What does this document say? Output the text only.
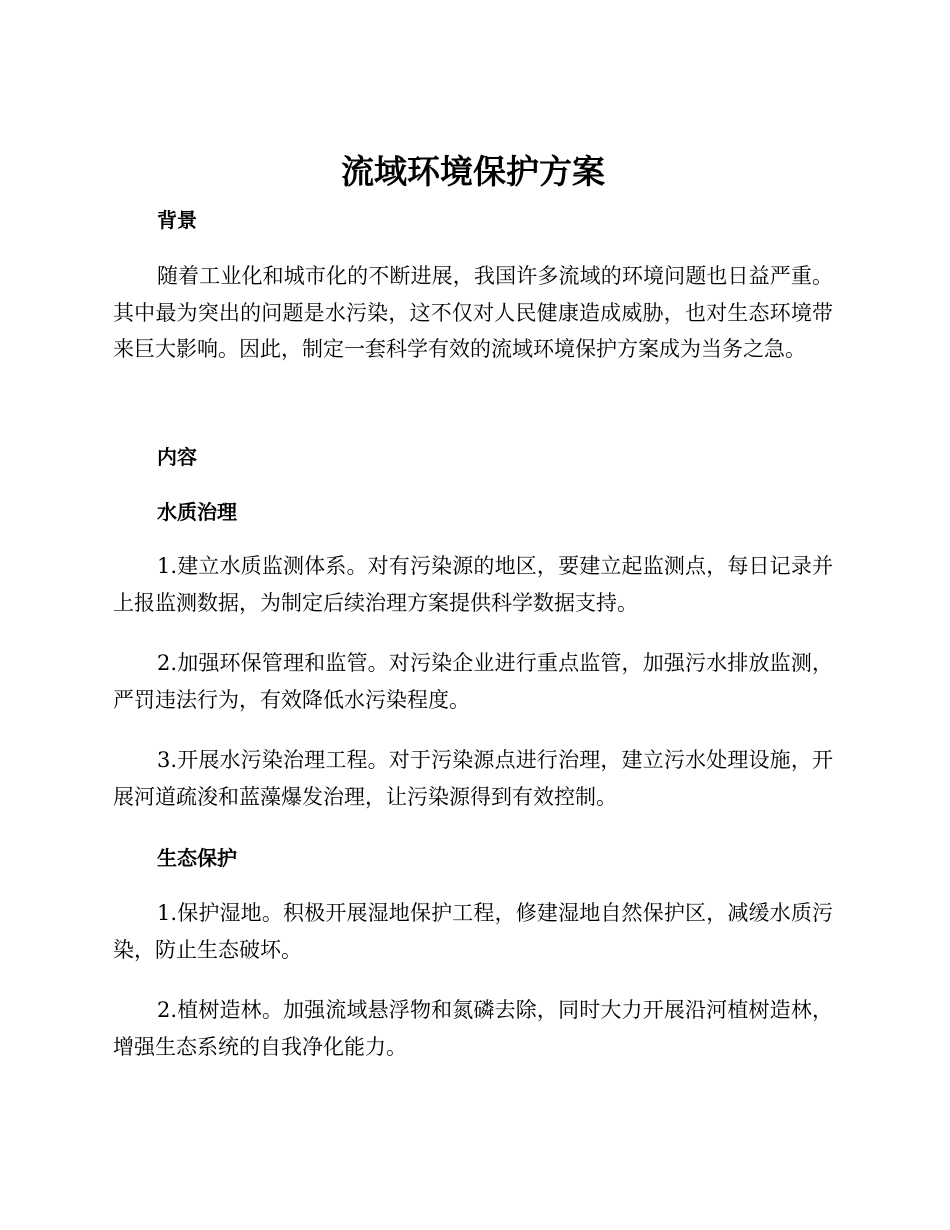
流域环境保护方案
背景

随着工业化和城市化的不断进展，我国许多流域的环境问题也日益严重。其中最为突出的问题是水污染，这不仅对人民健康造成威胁，也对生态环境带来巨大影响。因此，制定一套科学有效的流域环境保护方案成为当务之急。

内容
水质治理

1.建立水质监测体系。对有污染源的地区，要建立起监测点，每日记录并上报监测数据，为制定后续治理方案提供科学数据支持。

2.加强环保管理和监管。对污染企业进行重点监管，加强污水排放监测，严罚违法行为，有效降低水污染程度。

3.开展水污染治理工程。对于污染源点进行治理，建立污水处理设施，开展河道疏浚和蓝藻爆发治理，让污染源得到有效控制。

生态保护

1.保护湿地。积极开展湿地保护工程，修建湿地自然保护区，减缓水质污染，防止生态破坏。

2.植树造林。加强流域悬浮物和氮磷去除，同时大力开展沿河植树造林，增强生态系统的自我净化能力。
